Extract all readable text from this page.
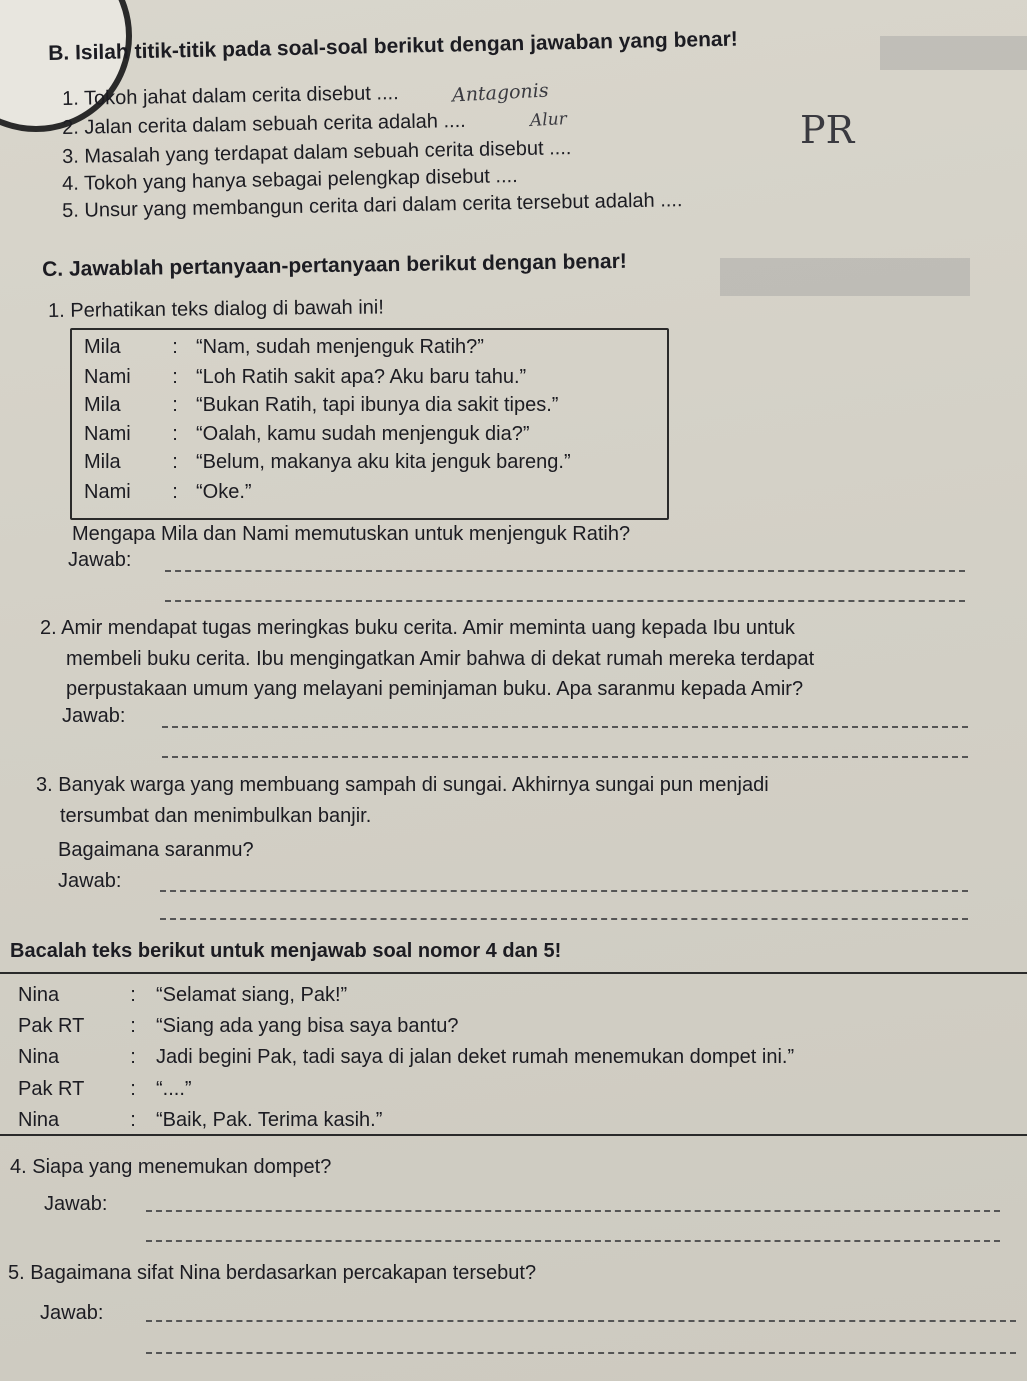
B. Isilah titik-titik pada soal-soal berikut dengan jawaban yang benar!
1. Tokoh jahat dalam cerita disebut ....	Antagonis
2. Jalan cerita dalam sebuah cerita adalah ....	Alur	PR
3. Masalah yang terdapat dalam sebuah cerita disebut ....
4. Tokoh yang hanya sebagai pelengkap disebut ....
5. Unsur yang membangun cerita dari dalam cerita tersebut adalah ....
C. Jawablah pertanyaan-pertanyaan berikut dengan benar!
1. Perhatikan teks dialog di bawah ini!
Mila	: “Nam, sudah menjenguk Ratih?”
Nami : “Loh Ratih sakit apa? Aku baru tahu.”
Mila	: “Bukan Ratih, tapi ibunya dia sakit tipes.”
Nami : “Oalah, kamu sudah menjenguk dia?”
Mila	: “Belum, makanya aku kita jenguk bareng.”
Nami : “Oke.”
Mengapa Mila dan Nami memutuskan untuk menjenguk Ratih?
Jawab:
2. Amir mendapat tugas meringkas buku cerita. Amir meminta uang kepada Ibu untuk
membeli buku cerita. Ibu mengingatkan Amir bahwa di dekat rumah mereka terdapat
perpustakaan umum yang melayani peminjaman buku. Apa saranmu kepada Amir?
Jawab:
3. Banyak warga yang membuang sampah di sungai. Akhirnya sungai pun menjadi
tersumbat dan menimbulkan banjir.
Bagaimana saranmu?
Jawab:
Bacalah teks berikut untuk menjawab soal nomor 4 dan 5!
Nina	: “Selamat siang, Pak!”
Pak RT : “Siang ada yang bisa saya bantu?
Nina	: Jadi begini Pak, tadi saya di jalan deket rumah menemukan dompet ini.”
Pak RT : “....”
Nina	: “Baik, Pak. Terima kasih.”
4. Siapa yang menemukan dompet?
Jawab:
5. Bagaimana sifat Nina berdasarkan percakapan tersebut?
Jawab:
